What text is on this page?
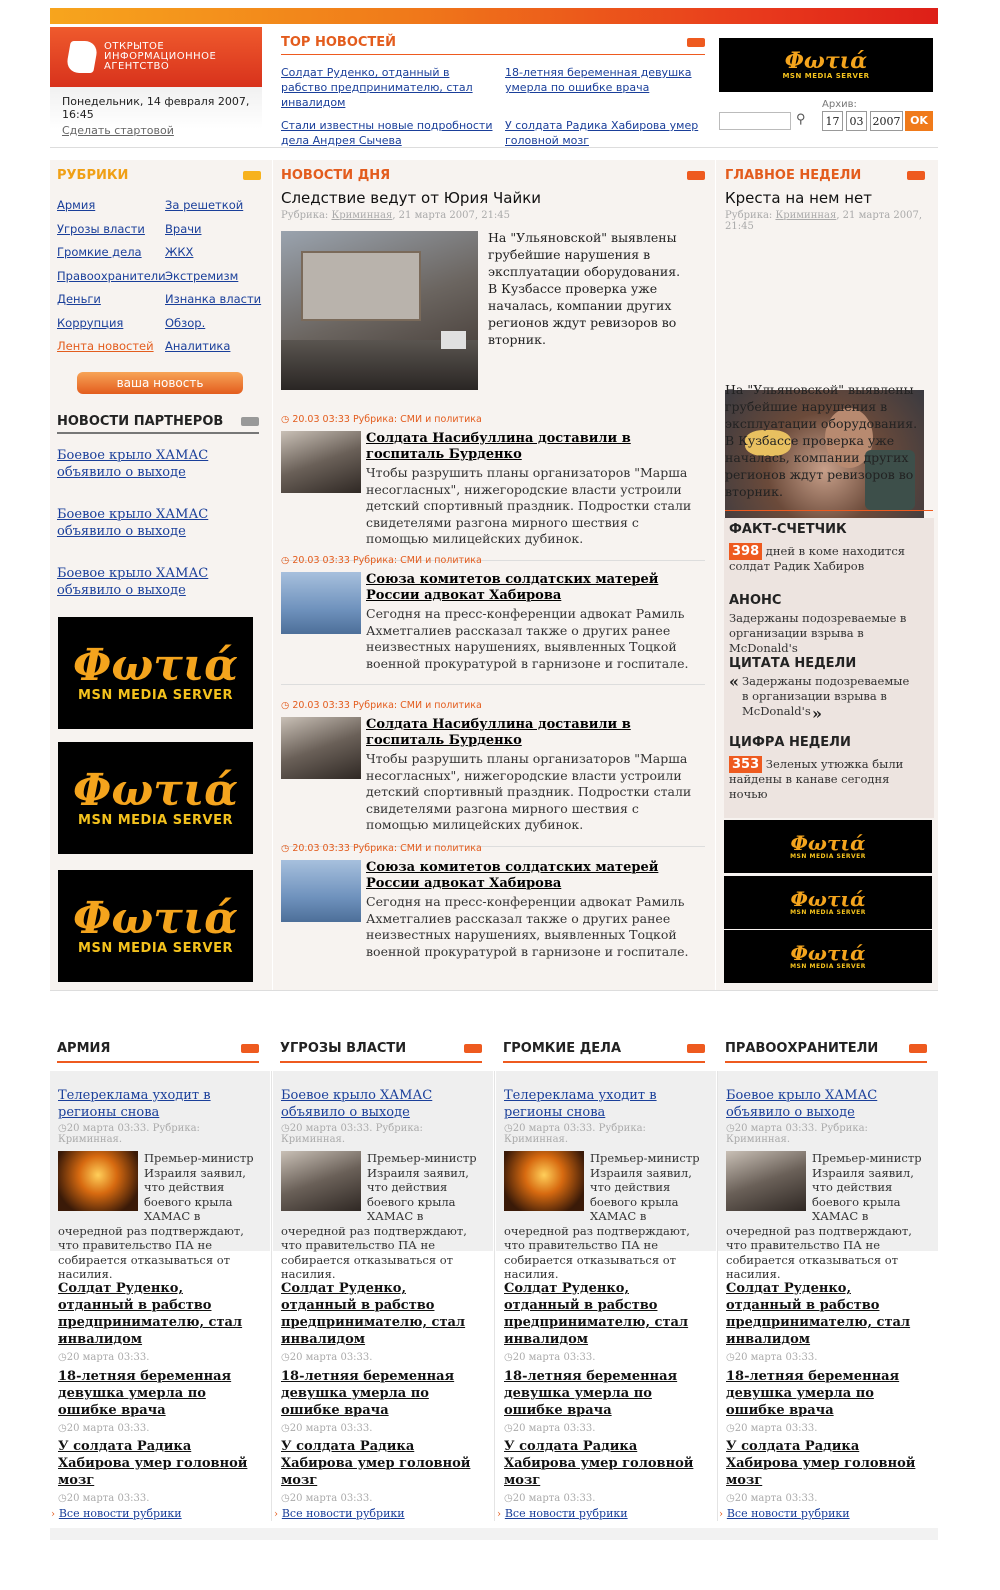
ОТКРЫТОЕ
ИНФОРМАЦИОННОЕ
АГЕНТСТВО
Понедельник, 14 февраля 2007, 16:45
Сделать стартовой
TOP НОВОСТЕЙ
Солдат Руденко, отданный в рабство предпринимателю, стал инвалидом
18-летняя беременная девушка умерла по ошибке врача
Стали известны новые подробности дела Андрея Сычева
У солдата Радика Хабирова умер головной мозг
Φωτιά
MSN MEDIA SERVER
⚲
Архив:
17 03 2007 OK
РУБРИКИ
Армия
Угрозы власти
Громкие дела
Правоохранители
Деньги
Коррупция
Лента новостей
За решеткой
Врачи
ЖКХ
Экстремизм
Изнанка власти
Обзор. Аналитика
ваша новость
НОВОСТИ ПАРТНЕРОВ
Боевое крыло ХАМАС объявило о выходе
Боевое крыло ХАМАС объявило о выходе
Боевое крыло ХАМАС объявило о выходе
Φωτιά
MSN MEDIA SERVER
Φωτιά
MSN MEDIA SERVER
Φωτιά
MSN MEDIA SERVER
НОВОСТИ ДНЯ
Следствие ведут от Юрия Чайки
Рубрика: Криминная, 21 марта 2007, 21:45
На "Ульяновской" выявлены грубейшие нарушения в эксплуатации оборудования. В Кузбассе проверка уже началась, компании других регионов ждут ревизоров во вторник.
◷ 20.03 03:33 Рубрика: СМИ и политика
Солдата Насибуллина доставили в госпиталь Бурденко

Чтобы разрушить планы организаторов "Марша несогласных", нижегородские власти устроили детский спортивный праздник. Подростки стали свидетелями разгона мирного шествия с помощью милицейских дубинок.

◷ 20.03 03:33 Рубрика: СМИ и политика
Союза комитетов солдатских матерей России адвокат Хабирова

Сегодня на пресс-конференции адвокат Рамиль Ахметгалиев рассказал также о других ранее неизвестных нарушениях, выявленных Тоцкой военной прокуратурой в гарнизоне и госпитале.

◷ 20.03 03:33 Рубрика: СМИ и политика
Солдата Насибуллина доставили в госпиталь Бурденко

Чтобы разрушить планы организаторов "Марша несогласных", нижегородские власти устроили детский спортивный праздник. Подростки стали свидетелями разгона мирного шествия с помощью милицейских дубинок.

◷ 20.03 03:33 Рубрика: СМИ и политика
Союза комитетов солдатских матерей России адвокат Хабирова

Сегодня на пресс-конференции адвокат Рамиль Ахметгалиев рассказал также о других ранее неизвестных нарушениях, выявленных Тоцкой военной прокуратурой в гарнизоне и госпитале.

ГЛАВНОЕ НЕДЕЛИ
Креста на нем нет
Рубрика: Криминная, 21 марта 2007, 21:45
На "Ульяновской" выявлены грубейшие нарушения в эксплуатации оборудования. В Кузбассе проверка уже началась, компании других регионов ждут ревизоров во вторник.
ФАКТ-СЧЕТЧИК

398 дней в коме находится

солдат Радик Хабиров

АНОНС

Задержаны подозреваемые в организации взрыва в McDonald's

ЦИТАТА НЕДЕЛИ
« Задержаны подозреваемые в организации взрыва в McDonald's »
ЦИФРА НЕДЕЛИ

353 Зеленых утюжка были

найдены в канаве сегодня ночью

Φωτιά
MSN MEDIA SERVER
Φωτιά
MSN MEDIA SERVER
Φωτιά
MSN MEDIA SERVER
АРМИЯ
Телереклама уходит в регионы снова
◷20 марта 03:33. Рубрика: Криминная.
Премьер-министр Израиля заявил, что действия боевого крыла ХАМАС в очередной раз подтверждают, что правительство ПА не собирается отказываться от насилия.
Солдат Руденко, отданный в рабство предпринимателю, стал инвалидом
◷20 марта 03:33.
18-летняя беременная девушка умерла по ошибке врача
◷20 марта 03:33.
У солдата Радика Хабирова умер головной мозг
◷20 марта 03:33.
› Все новости рубрики
УГРОЗЫ ВЛАСТИ
Боевое крыло ХАМАС объявило о выходе
◷20 марта 03:33. Рубрика: Криминная.
Премьер-министр Израиля заявил, что действия боевого крыла ХАМАС в очередной раз подтверждают, что правительство ПА не собирается отказываться от насилия.
Солдат Руденко, отданный в рабство предпринимателю, стал инвалидом
◷20 марта 03:33.
18-летняя беременная девушка умерла по ошибке врача
◷20 марта 03:33.
У солдата Радика Хабирова умер головной мозг
◷20 марта 03:33.
› Все новости рубрики
ГРОМКИЕ ДЕЛА
Телереклама уходит в регионы снова
◷20 марта 03:33. Рубрика: Криминная.
Премьер-министр Израиля заявил, что действия боевого крыла ХАМАС в очередной раз подтверждают, что правительство ПА не собирается отказываться от насилия.
Солдат Руденко, отданный в рабство предпринимателю, стал инвалидом
◷20 марта 03:33.
18-летняя беременная девушка умерла по ошибке врача
◷20 марта 03:33.
У солдата Радика Хабирова умер головной мозг
◷20 марта 03:33.
› Все новости рубрики
ПРАВООХРАНИТЕЛИ
Боевое крыло ХАМАС объявило о выходе
◷20 марта 03:33. Рубрика: Криминная.
Премьер-министр Израиля заявил, что действия боевого крыла ХАМАС в очередной раз подтверждают, что правительство ПА не собирается отказываться от насилия.
Солдат Руденко, отданный в рабство предпринимателю, стал инвалидом
◷20 марта 03:33.
18-летняя беременная девушка умерла по ошибке врача
◷20 марта 03:33.
У солдата Радика Хабирова умер головной мозг
◷20 марта 03:33.
› Все новости рубрики
